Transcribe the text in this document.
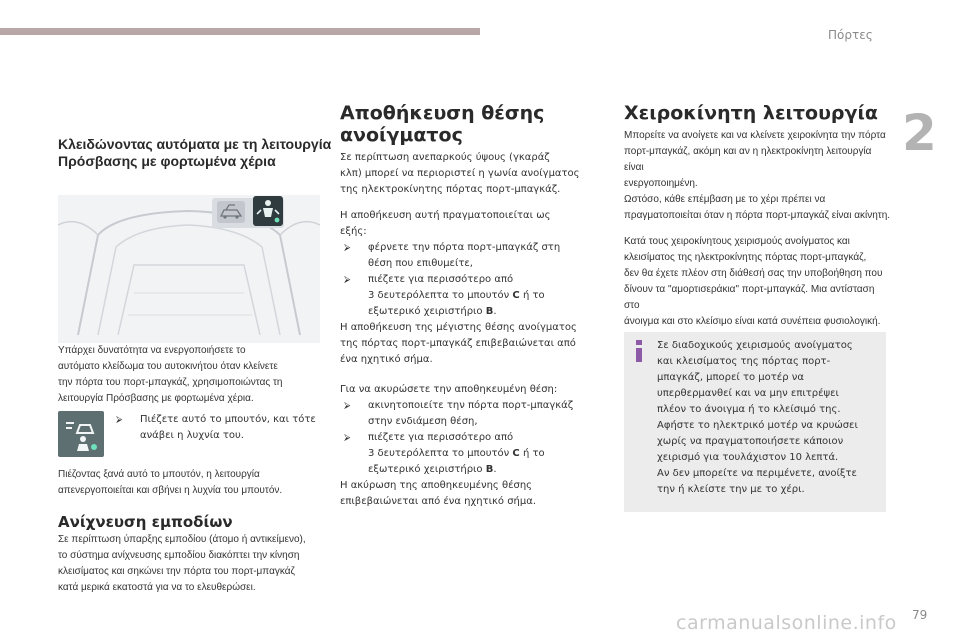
Πόρτες
2
Κλειδώνοντας αυτόματα με τη λειτουργία
Πρόσβασης με φορτωμένα χέρια

Υπάρχει δυνατότητα να ενεργοποιήσετε το

αυτόματο κλείδωμα του αυτοκινήτου όταν κλείνετε

την πόρτα του πορτ-μπαγκάζ, χρησιμοποιώντας τη

λειτουργία Πρόσβασης με φορτωμένα χέρια.

⮚ Πιέζετε αυτό το μπουτόν, και τότε

ανάβει η λυχνία του.

Πιέζοντας ξανά αυτό το μπουτόν, η λειτουργία

απενεργοποιείται και σβήνει η λυχνία του μπουτόν.

Ανίχνευση εμποδίων

Σε περίπτωση ύπαρξης εμποδίου (άτομο ή αντικείμενο),

το σύστημα ανίχνευσης εμποδίου διακόπτει την κίνηση

κλεισίματος και σηκώνει την πόρτα του πορτ-μπαγκάζ

κατά μερικά εκατοστά για να το ελευθερώσει.

Αποθήκευση θέσης
ανοίγματος

Σε περίπτωση ανεπαρκούς ύψους (γκαράζ

κλπ) μπορεί να περιοριστεί η γωνία ανοίγματος

της ηλεκτροκίνητης πόρτας πορτ-μπαγκάζ.

Η αποθήκευση αυτή πραγματοποιείται ως

εξής:

⮚ φέρνετε την πόρτα πορτ-μπαγκάζ στη

θέση που επιθυμείτε,

⮚ πιέζετε για περισσότερο από

3 δευτερόλεπτα το μπουτόν C ή το

εξωτερικό χειριστήριο B.

Η αποθήκευση της μέγιστης θέσης ανοίγματος

της πόρτας πορτ-μπαγκάζ επιβεβαιώνεται από

ένα ηχητικό σήμα.

Για να ακυρώσετε την αποθηκευμένη θέση:

⮚ ακινητοποιείτε την πόρτα πορτ-μπαγκάζ

στην ενδιάμεση θέση,

⮚ πιέζετε για περισσότερο από

3 δευτερόλεπτα το μπουτόν C ή το

εξωτερικό χειριστήριο B.

Η ακύρωση της αποθηκευμένης θέσης

επιβεβαιώνεται από ένα ηχητικό σήμα.

Χειροκίνητη λειτουργία

Μπορείτε να ανοίγετε και να κλείνετε χειροκίνητα την πόρτα

πορτ-μπαγκάζ, ακόμη και αν η ηλεκτροκίνητη λειτουργία είναι

ενεργοποιημένη.

Ωστόσο, κάθε επέμβαση με το χέρι πρέπει να

πραγματοποιείται όταν η πόρτα πορτ-μπαγκάζ είναι ακίνητη.

Κατά τους χειροκίνητους χειρισμούς ανοίγματος και

κλεισίματος της ηλεκτροκίνητης πόρτας πορτ-μπαγκάζ,

δεν θα έχετε πλέον στη διάθεσή σας την υποβοήθηση που

δίνουν τα "αμορτισεράκια" πορτ-μπαγκάζ. Μια αντίσταση στο

άνοιγμα και στο κλείσιμο είναι κατά συνέπεια φυσιολογική.

Σε διαδοχικούς χειρισμούς ανοίγματος

και κλεισίματος της πόρτας πορτ-

μπαγκάζ, μπορεί το μοτέρ να

υπερθερμανθεί και να μην επιτρέψει

πλέον το άνοιγμα ή το κλείσιμό της.

Αφήστε το ηλεκτρικό μοτέρ να κρυώσει

χωρίς να πραγματοποιήσετε κάποιον

χειρισμό για τουλάχιστον 10 λεπτά.

Αν δεν μπορείτε να περιμένετε, ανοίξτε

την ή κλείστε την με το χέρι.

carmanualsonline.info 79
